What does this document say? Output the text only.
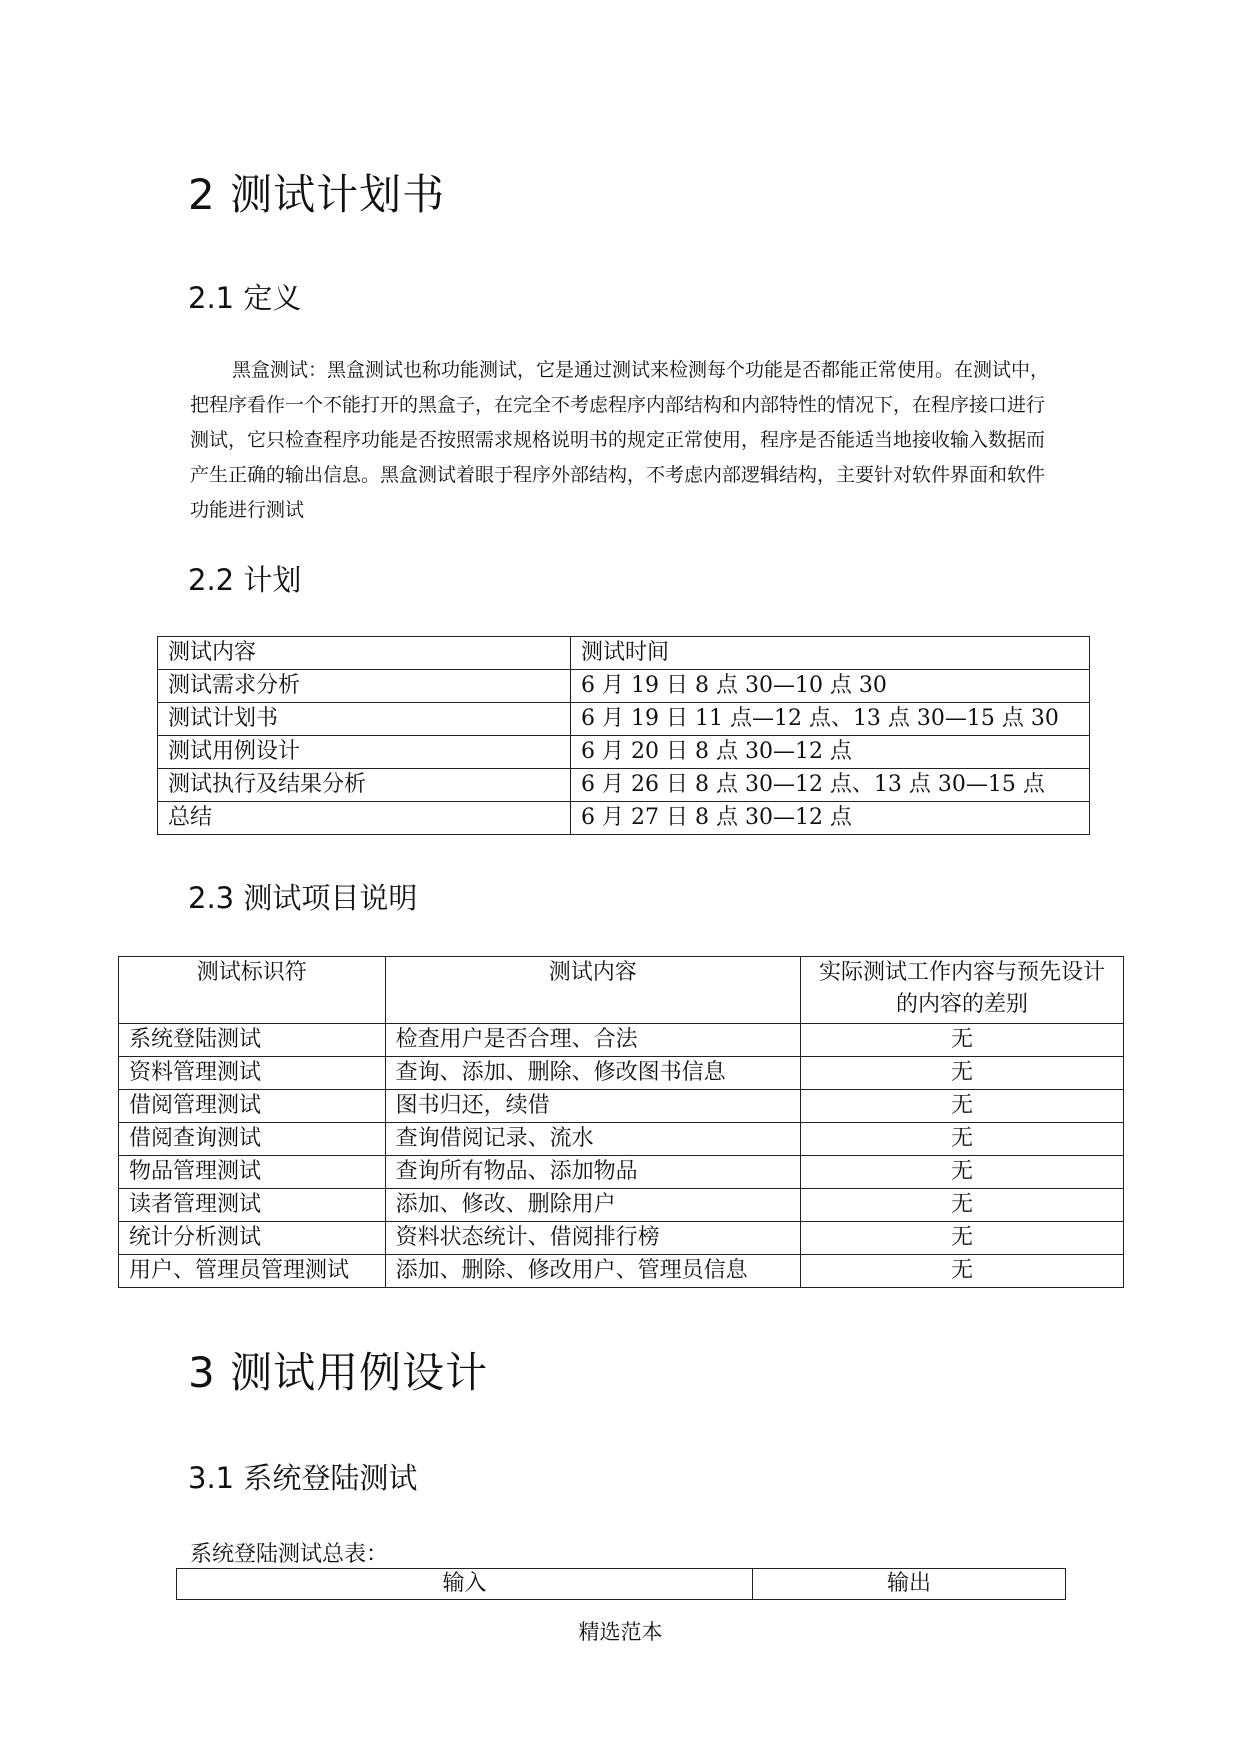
2 测试计划书
2.1 定义

黑盒测试：黑盒测试也称功能测试，它是通过测试来检测每个功能是否都能正常使用。在测试中，把程序看作一个不能打开的黑盒子，在完全不考虑程序内部结构和内部特性的情况下，在程序接口进行测试，它只检查程序功能是否按照需求规格说明书的规定正常使用，程序是否能适当地接收输入数据而产生正确的输出信息。黑盒测试着眼于程序外部结构，不考虑内部逻辑结构，主要针对软件界面和软件功能进行测试

2.2 计划
测试内容	测试时间
测试需求分析	6 月 19 日 8 点 30—10 点 30
测试计划书	6 月 19 日 11 点—12 点、13 点 30—15 点 30
测试用例设计	6 月 20 日 8 点 30—12 点
测试执行及结果分析	6 月 26 日 8 点 30—12 点、13 点 30—15 点
总结	6 月 27 日 8 点 30—12 点
2.3 测试项目说明
测试标识符	测试内容	实际测试工作内容与预先设计的内容的差别
系统登陆测试	检查用户是否合理、合法	无
资料管理测试	查询、添加、删除、修改图书信息	无
借阅管理测试	图书归还，续借	无
借阅查询测试	查询借阅记录、流水	无
物品管理测试	查询所有物品、添加物品	无
读者管理测试	添加、修改、删除用户	无
统计分析测试	资料状态统计、借阅排行榜	无
用户、管理员管理测试	添加、删除、修改用户、管理员信息	无
3 测试用例设计
3.1 系统登陆测试

系统登陆测试总表：

输入	输出
精选范本
